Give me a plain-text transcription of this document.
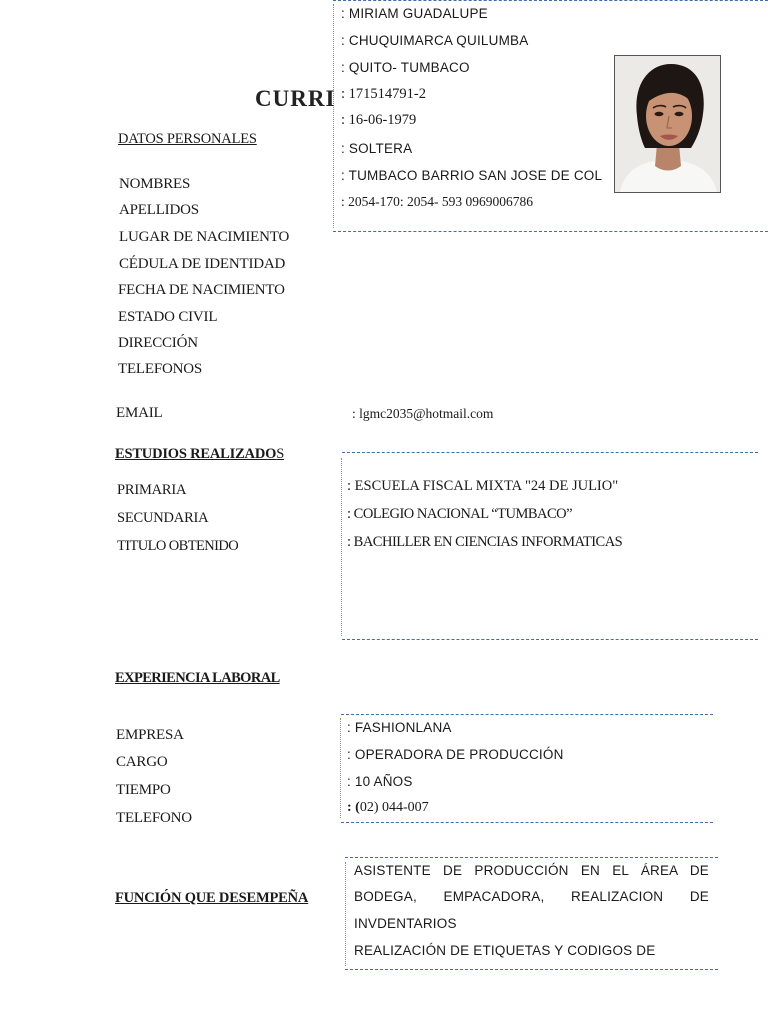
CURRI
DATOS PERSONALES
NOMBRES
APELLIDOS
LUGAR DE NACIMIENTO
CÉDULA DE IDENTIDAD
FECHA DE NACIMIENTO
ESTADO CIVIL
DIRECCIÓN
TELEFONOS
EMAIL
: MIRIAM GUADALUPE
: CHUQUIMARCA QUILUMBA
: QUITO- TUMBACO
: 171514791-2
: 16-06-1979
: SOLTERA
: TUMBACO BARRIO SAN JOSE DE COL
: 2054-170: 2054- 593 0969006786
: lgmc2035@hotmail.com
ESTUDIOS REALIZADOS
PRIMARIA
SECUNDARIA
TITULO OBTENIDO
: ESCUELA FISCAL MIXTA "24 DE JULIO"
: COLEGIO NACIONAL “TUMBACO”
: BACHILLER EN CIENCIAS INFORMATICAS
EXPERIENCIA LABORAL
EMPRESA
CARGO
TIEMPO
TELEFONO
: FASHIONLANA
: OPERADORA DE PRODUCCIÓN
: 10 AÑOS
: (02) 044-007
FUNCIÓN QUE DESEMPEÑA
ASISTENTE DE PRODUCCIÓN EN EL ÁREA DE
BODEGA, EMPACADORA, REALIZACION DE
INVDENTARIOS
REALIZACIÓN DE ETIQUETAS Y CODIGOS DE
